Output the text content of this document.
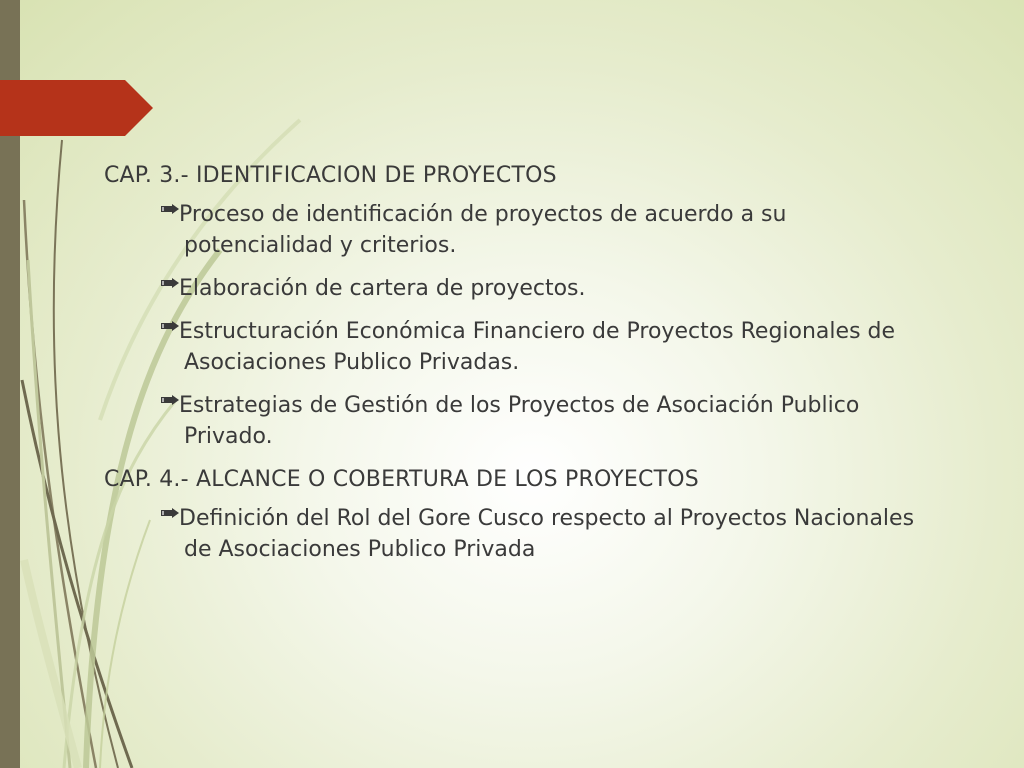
CAP. 3.- IDENTIFICACION DE PROYECTOS
Proceso de identificación de proyectos de acuerdo a su potencialidad y criterios.
Elaboración de cartera de proyectos.
Estructuración Económica Financiero de Proyectos Regionales de Asociaciones Publico Privadas.
Estrategias de Gestión de los Proyectos de Asociación Publico Privado.
CAP. 4.- ALCANCE O COBERTURA DE LOS PROYECTOS
Definición del Rol del Gore Cusco respecto al Proyectos Nacionales de Asociaciones Publico Privada
